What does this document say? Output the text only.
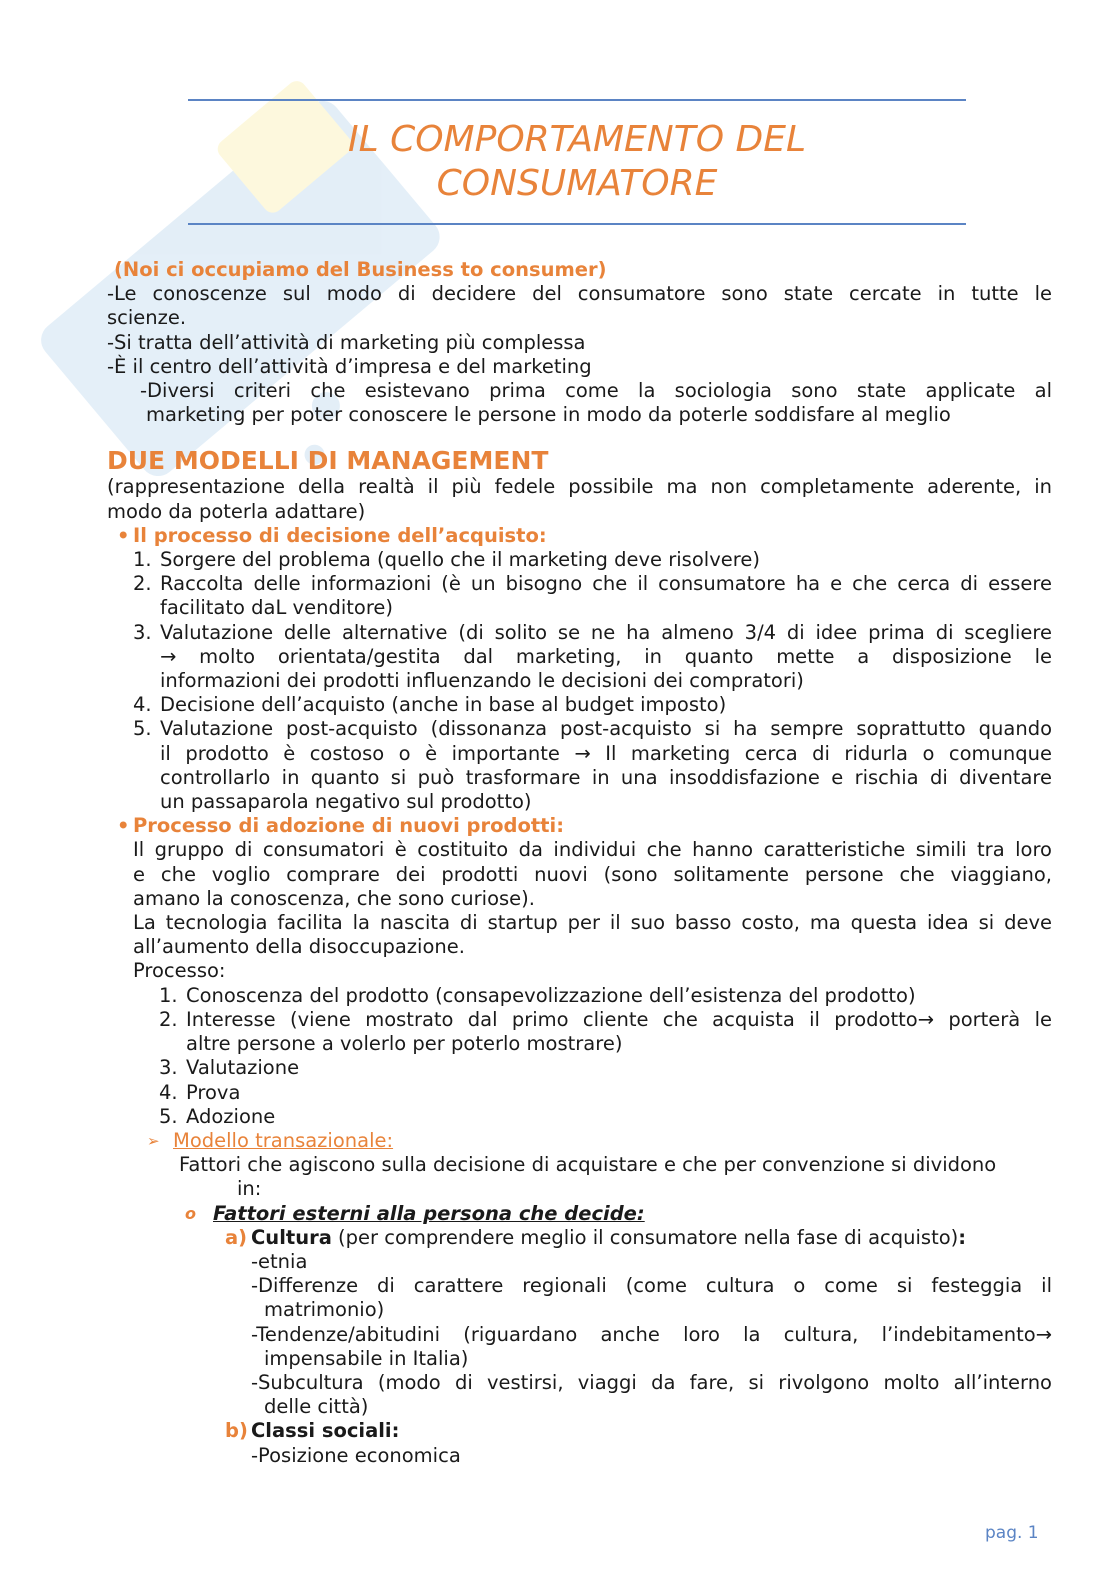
IL COMPORTAMENTO DEL
CONSUMATORE
(Noi ci occupiamo del Business to consumer)
-Le conoscenze sul modo di decidere del consumatore sono state cercate in tutte le
scienze.
-Si tratta dell’attività di marketing più complessa
-È il centro dell’attività d’impresa e del marketing
-Diversi criteri che esistevano prima come la sociologia sono state applicate al
marketing per poter conoscere le persone in modo da poterle soddisfare al meglio
DUE MODELLI DI MANAGEMENT
(rappresentazione della realtà il più fedele possibile ma non completamente aderente, in
modo da poterla adattare)
• Il processo di decisione dell’acquisto:
1. Sorgere del problema (quello che il marketing deve risolvere)
2. Raccolta delle informazioni (è un bisogno che il consumatore ha e che cerca di essere
facilitato daL venditore)
3. Valutazione delle alternative (di solito se ne ha almeno 3/4 di idee prima di scegliere
→ molto orientata/gestita dal marketing, in quanto mette a disposizione le
informazioni dei prodotti influenzando le decisioni dei compratori)
4. Decisione dell’acquisto (anche in base al budget imposto)
5. Valutazione post-acquisto (dissonanza post-acquisto si ha sempre soprattutto quando
il prodotto è costoso o è importante → Il marketing cerca di ridurla o comunque
controllarlo in quanto si può trasformare in una insoddisfazione e rischia di diventare
un passaparola negativo sul prodotto)
• Processo di adozione di nuovi prodotti:
Il gruppo di consumatori è costituito da individui che hanno caratteristiche simili tra loro
e che voglio comprare dei prodotti nuovi (sono solitamente persone che viaggiano,
amano la conoscenza, che sono curiose).
La tecnologia facilita la nascita di startup per il suo basso costo, ma questa idea si deve
all’aumento della disoccupazione.
Processo:
1. Conoscenza del prodotto (consapevolizzazione dell’esistenza del prodotto)
2. Interesse (viene mostrato dal primo cliente che acquista il prodotto→ porterà le
altre persone a volerlo per poterlo mostrare)
3. Valutazione
4. Prova
5. Adozione
➢ Modello transazionale:
Fattori che agiscono sulla decisione di acquistare e che per convenzione si dividono
in:
o Fattori esterni alla persona che decide:
a) Cultura (per comprendere meglio il consumatore nella fase di acquisto):
-etnia
-Differenze di carattere regionali (come cultura o come si festeggia il
matrimonio)
-Tendenze/abitudini (riguardano anche loro la cultura, l’indebitamento→
impensabile in Italia)
-Subcultura (modo di vestirsi, viaggi da fare, si rivolgono molto all’interno
delle città)
b) Classi sociali:
-Posizione economica
pag. 1
